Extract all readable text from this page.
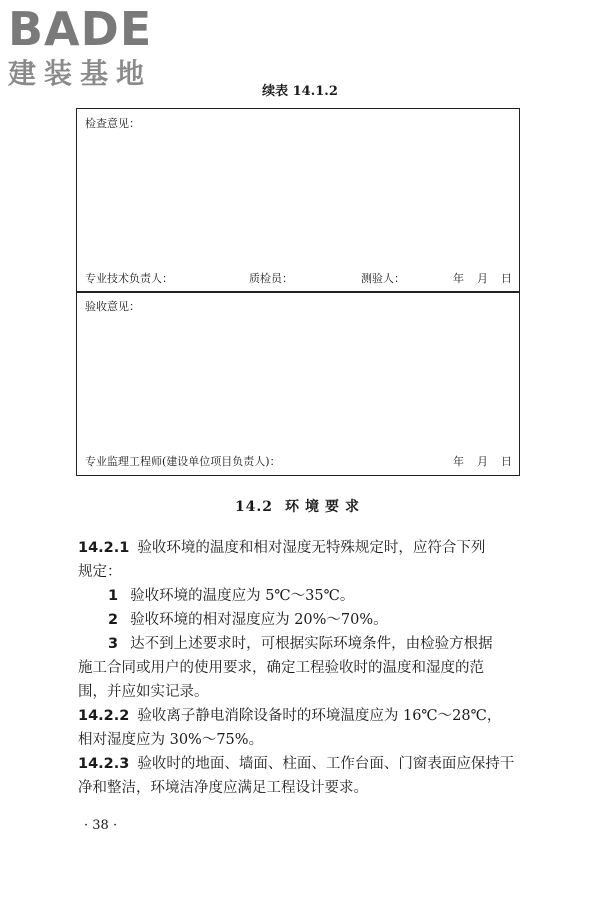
BADE
建装基地
续表 14.1.2
检查意见：
专业技术负责人：	质检员：	测验人：	年 月 日
验收意见：
专业监理工程师(建设单位项目负责人)：	年 月 日
14.2 环境要求
14.2.1 验收环境的温度和相对湿度无特殊规定时，应符合下列
规定：
1 验收环境的温度应为 5℃～35℃。
2 验收环境的相对湿度应为 20%～70%。
3 达不到上述要求时，可根据实际环境条件，由检验方根据
施工合同或用户的使用要求，确定工程验收时的温度和湿度的范
围，并应如实记录。
14.2.2 验收离子静电消除设备时的环境温度应为 16℃～28℃，
相对湿度应为 30%～75%。
14.2.3 验收时的地面、墙面、柱面、工作台面、门窗表面应保持干
净和整洁，环境洁净度应满足工程设计要求。
· 38 ·
